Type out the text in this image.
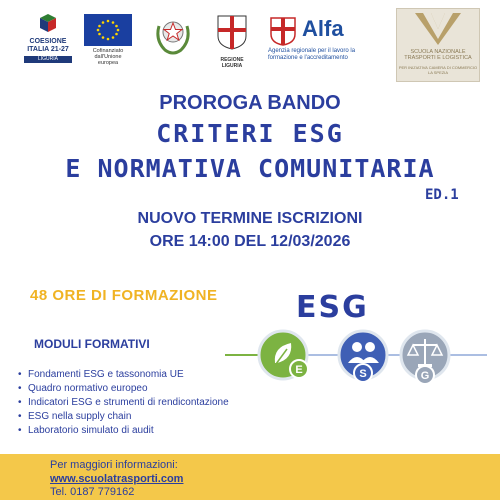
COESIONE
ITALIA 21-27
LIGURIA
Cofinanziato dall'Unione europea	REGIONE LIGURIA
Alfa
Agenzia regionale per il lavoro la formazione e l'accreditamento
SCUOLA NAZIONALE TRASPORTI E LOGISTICA
PER INIZIATIVA CAMERA DI COMMERCIO LA SPEZIA
PROROGA BANDO
CRITERI ESG
E NORMATIVA COMUNITARIA
ED.1
NUOVO TERMINE ISCRIZIONI
ORE 14:00 DEL 12/03/2026
48 ORE DI FORMAZIONE
MODULI FORMATIVI
• Fondamenti ESG e tassonomia UE
• Quadro normativo europeo
• Indicatori ESG e strumenti di rendicontazione
• ESG nella supply chain
• Laboratorio simulato di audit
ESG
E	S	G
Per maggiori informazioni:
www.scuolatrasporti.com
Tel. 0187 779162
